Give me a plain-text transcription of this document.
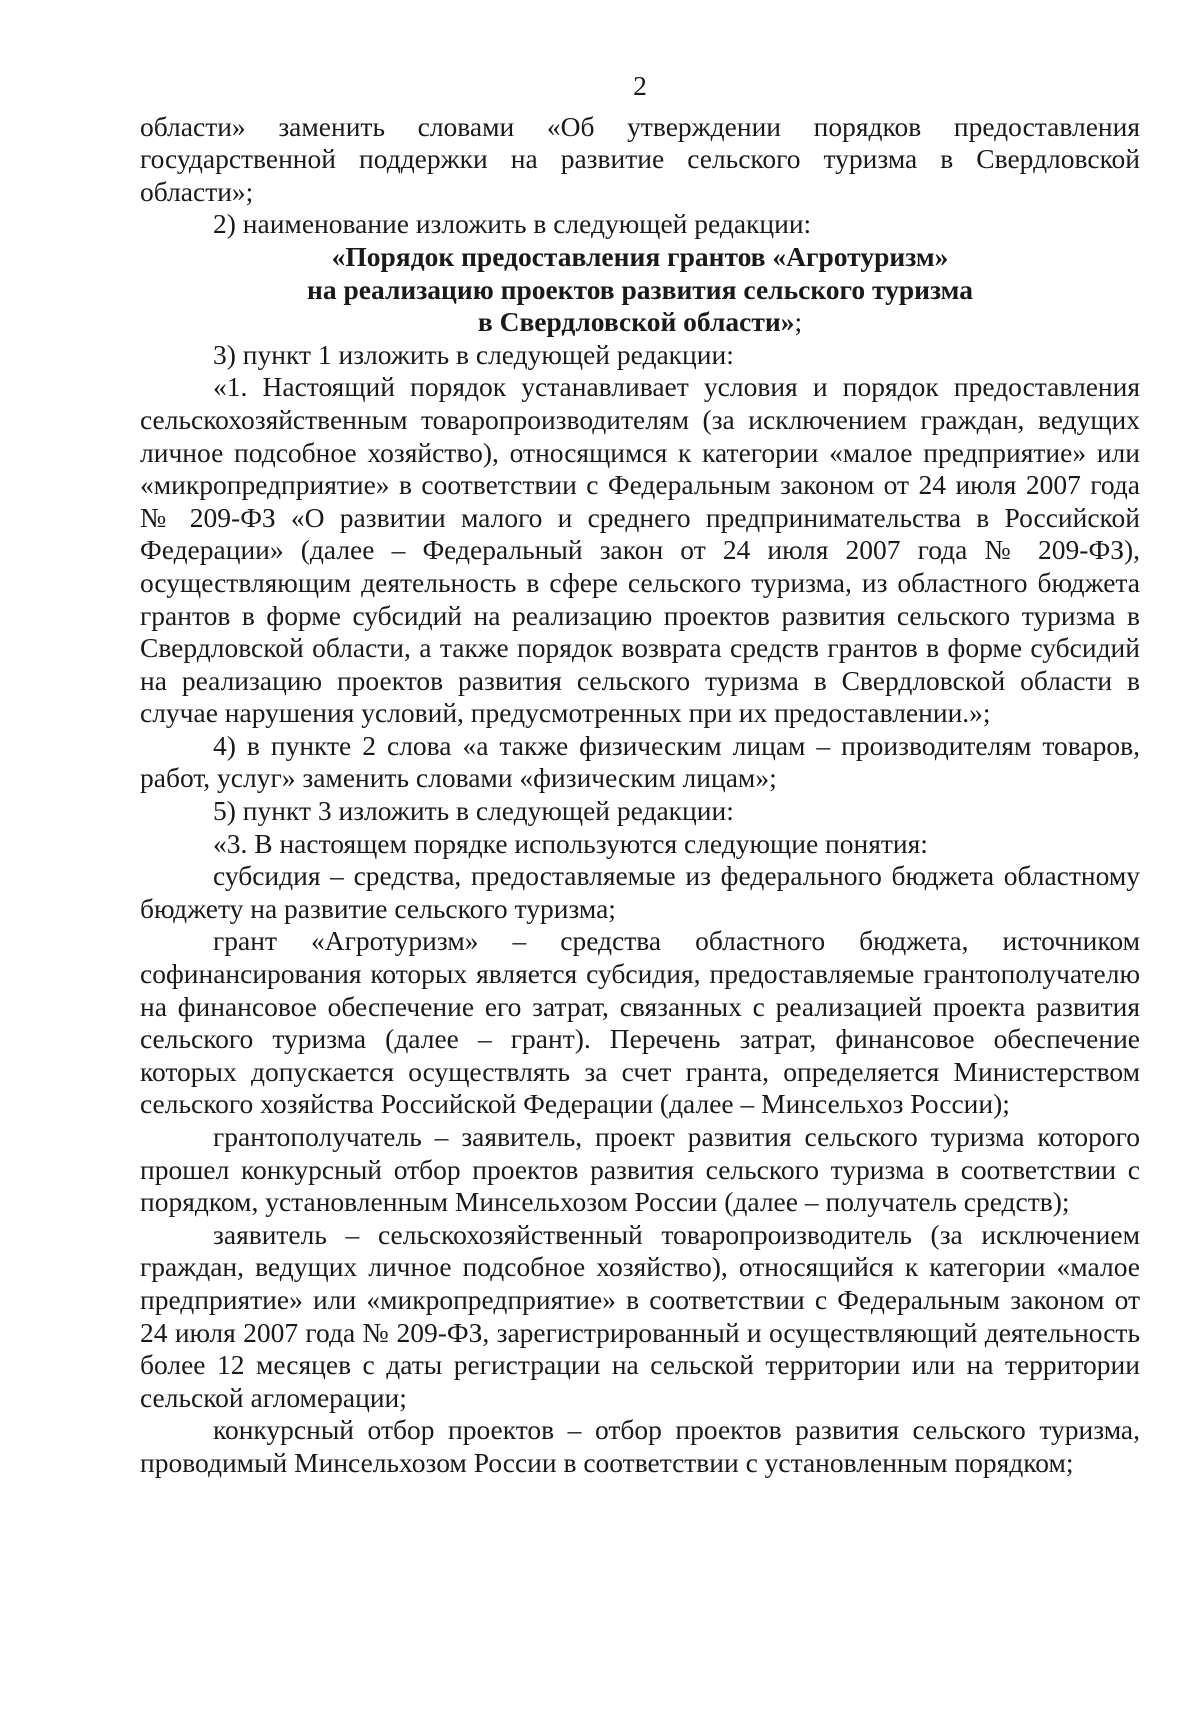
2

области» заменить словами «Об утверждении порядков предоставления государственной поддержки на развитие сельского туризма в Свердловской области»;

2) наименование изложить в следующей редакции:

«Порядок предоставления грантов «Агротуризм»
на реализацию проектов развития сельского туризма
в Свердловской области»;

3) пункт 1 изложить в следующей редакции:

«1. Настоящий порядок устанавливает условия и порядок предоставления сельскохозяйственным товаропроизводителям (за исключением граждан, ведущих личное подсобное хозяйство), относящимся к категории «малое предприятие» или «микропредприятие» в соответствии с Федеральным законом от 24 июля 2007 года № 209-ФЗ «О развитии малого и среднего предпринимательства в Российской Федерации» (далее – Федеральный закон от 24 июля 2007 года № 209-ФЗ), осуществляющим деятельность в сфере сельского туризма, из областного бюджета грантов в форме субсидий на реализацию проектов развития сельского туризма в Свердловской области, а также порядок возврата средств грантов в форме субсидий на реализацию проектов развития сельского туризма в Свердловской области в случае нарушения условий, предусмотренных при их предоставлении.»;

4) в пункте 2 слова «а также физическим лицам – производителям товаров, работ, услуг» заменить словами «физическим лицам»;

5) пункт 3 изложить в следующей редакции:

«3. В настоящем порядке используются следующие понятия:

субсидия – средства, предоставляемые из федерального бюджета областному бюджету на развитие сельского туризма;

грант «Агротуризм» – средства областного бюджета, источником софинансирования которых является субсидия, предоставляемые грантополучателю на финансовое обеспечение его затрат, связанных с реализацией проекта развития сельского туризма (далее – грант). Перечень затрат, финансовое обеспечение которых допускается осуществлять за счет гранта, определяется Министерством сельского хозяйства Российской Федерации (далее – Минсельхоз России);

грантополучатель – заявитель, проект развития сельского туризма которого прошел конкурсный отбор проектов развития сельского туризма в соответствии с порядком, установленным Минсельхозом России (далее – получатель средств);

заявитель – сельскохозяйственный товаропроизводитель (за исключением граждан, ведущих личное подсобное хозяйство), относящийся к категории «малое предприятие» или «микропредприятие» в соответствии с Федеральным законом от 24 июля 2007 года № 209-ФЗ, зарегистрированный и осуществляющий деятельность более 12 месяцев с даты регистрации на сельской территории или на территории сельской агломерации;

конкурсный отбор проектов – отбор проектов развития сельского туризма, проводимый Минсельхозом России в соответствии с установленным порядком;
